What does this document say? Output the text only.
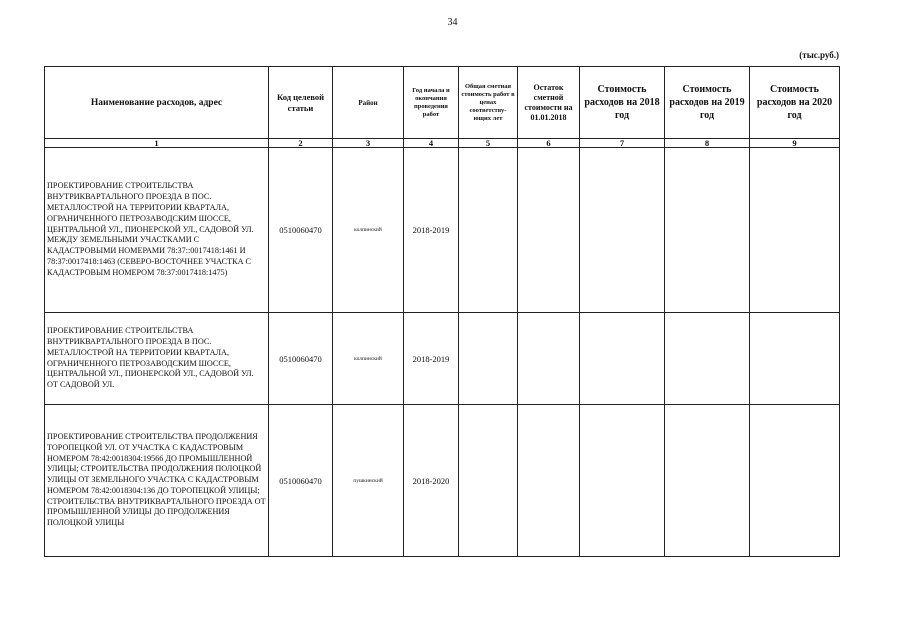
34
(тыс.руб.)
Наименование расходов, адрес	Код целевой статьи	Район	Год начала и окончания проведения работ	Общая сметная стоимость работ в ценах соответству-ющих лет	Остаток сметной стоимости на 01.01.2018	Стоимость расходов на 2018 год	Стоимость расходов на 2019 год	Стоимость расходов на 2020 год
1	2	3	4	5	6	7	8	9
ПРОЕКТИРОВАНИЕ СТРОИТЕЛЬСТВА ВНУТРИКВАРТАЛЬНОГО ПРОЕЗДА В ПОС. МЕТАЛЛОСТРОЙ НА ТЕРРИТОРИИ КВАРТАЛА, ОГРАНИЧЕННОГО ПЕТРОЗАВОДСКИМ ШОССЕ, ЦЕНТРАЛЬНОЙ УЛ., ПИОНЕРСКОЙ УЛ., САДОВОЙ УЛ. МЕЖДУ ЗЕМЕЛЬНЫМИ УЧАСТКАМИ С КАДАСТРОВЫМИ НОМЕРАМИ 78:37::0017418:1461 И 78:37:0017418:1463 (СЕВЕРО-ВОСТОЧНЕЕ УЧАСТКА С КАДАСТРОВЫМ НОМЕРОМ 78:37:0017418:1475)	0510060470	колпинский	2018-2019					
ПРОЕКТИРОВАНИЕ СТРОИТЕЛЬСТВА ВНУТРИКВАРТАЛЬНОГО ПРОЕЗДА В ПОС. МЕТАЛЛОСТРОЙ НА ТЕРРИТОРИИ КВАРТАЛА, ОГРАНИЧЕННОГО ПЕТРОЗАВОДСКИМ ШОССЕ, ЦЕНТРАЛЬНОЙ УЛ., ПИОНЕРСКОЙ УЛ., САДОВОЙ УЛ. ОТ САДОВОЙ УЛ.	0510060470	колпинский	2018-2019					
ПРОЕКТИРОВАНИЕ СТРОИТЕЛЬСТВА ПРОДОЛЖЕНИЯ ТОРОПЕЦКОЙ УЛ. ОТ УЧАСТКА С КАДАСТРОВЫМ НОМЕРОМ 78:42:0018304:19566 ДО ПРОМЫШЛЕННОЙ УЛИЦЫ; СТРОИТЕЛЬСТВА ПРОДОЛЖЕНИЯ ПОЛОЦКОЙ УЛИЦЫ ОТ ЗЕМЕЛЬНОГО УЧАСТКА С КАДАСТРОВЫМ НОМЕРОМ 78:42:0018304:136 ДО ТОРОПЕЦКОЙ УЛИЦЫ; СТРОИТЕЛЬСТВА ВНУТРИКВАРТАЛЬНОГО ПРОЕЗДА ОТ ПРОМЫШЛЕННОЙ УЛИЦЫ ДО ПРОДОЛЖЕНИЯ ПОЛОЦКОЙ УЛИЦЫ	0510060470	пушкинский	2018-2020					
